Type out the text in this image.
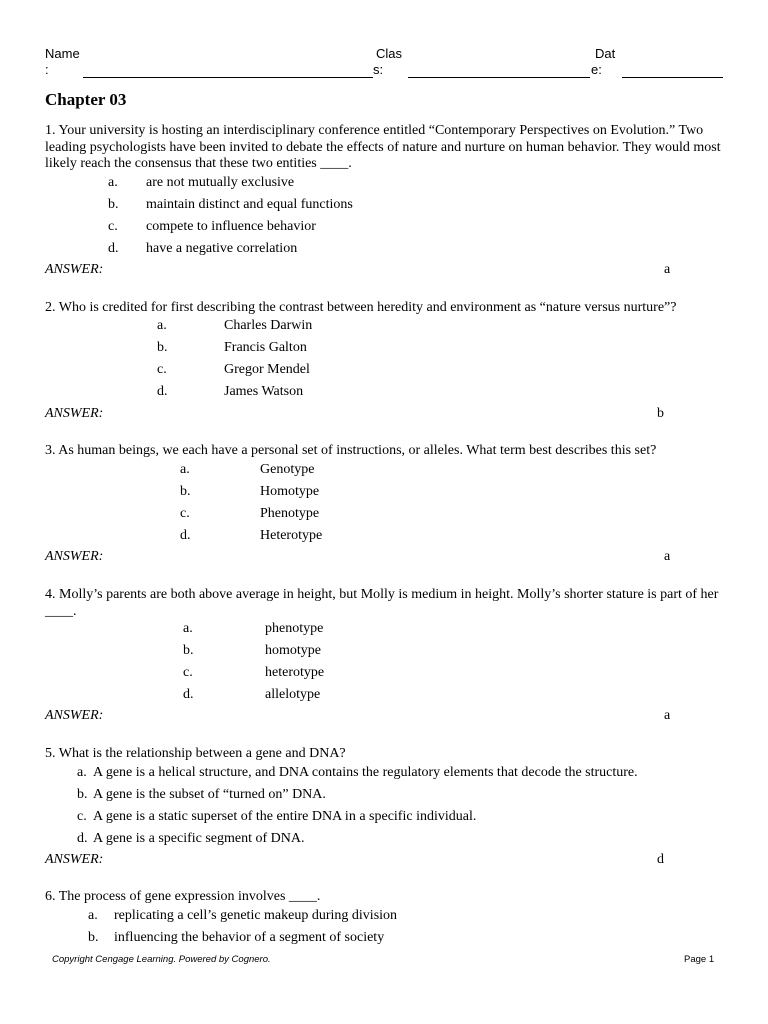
Name
:
Clas
s:
Dat
e:
Chapter 03
1. Your university is hosting an interdisciplinary conference entitled “Contemporary Perspectives on Evolution.” Two leading psychologists have been invited to debate the effects of nature and nurture on human behavior. They would most likely reach the consensus that these two entities ____.
a. are not mutually exclusive
b. maintain distinct and equal functions
c. compete to influence behavior
d. have a negative correlation
ANSWER:	a
2. Who is credited for first describing the contrast between heredity and environment as “nature versus nurture”?
a.	Charles Darwin
b.	Francis Galton
c.	Gregor Mendel
d.	James Watson
ANSWER:	b
3. As human beings, we each have a personal set of instructions, or alleles. What term best describes this set?
a.	Genotype
b.	Homotype
c.	Phenotype
d.	Heterotype
ANSWER:	a
4. Molly’s parents are both above average in height, but Molly is medium in height. Molly’s shorter stature is part of her ____.
a.	phenotype
b.	homotype
c.	heterotype
d.	allelotype
ANSWER:	a
5. What is the relationship between a gene and DNA?
a. A gene is a helical structure, and DNA contains the regulatory elements that decode the structure.
b. A gene is the subset of “turned on” DNA.
c. A gene is a static superset of the entire DNA in a specific individual.
d. A gene is a specific segment of DNA.
ANSWER:	d
6. The process of gene expression involves ____.
a. replicating a cell’s genetic makeup during division
b. influencing the behavior of a segment of society
Copyright Cengage Learning. Powered by Cognero.	Page 1
